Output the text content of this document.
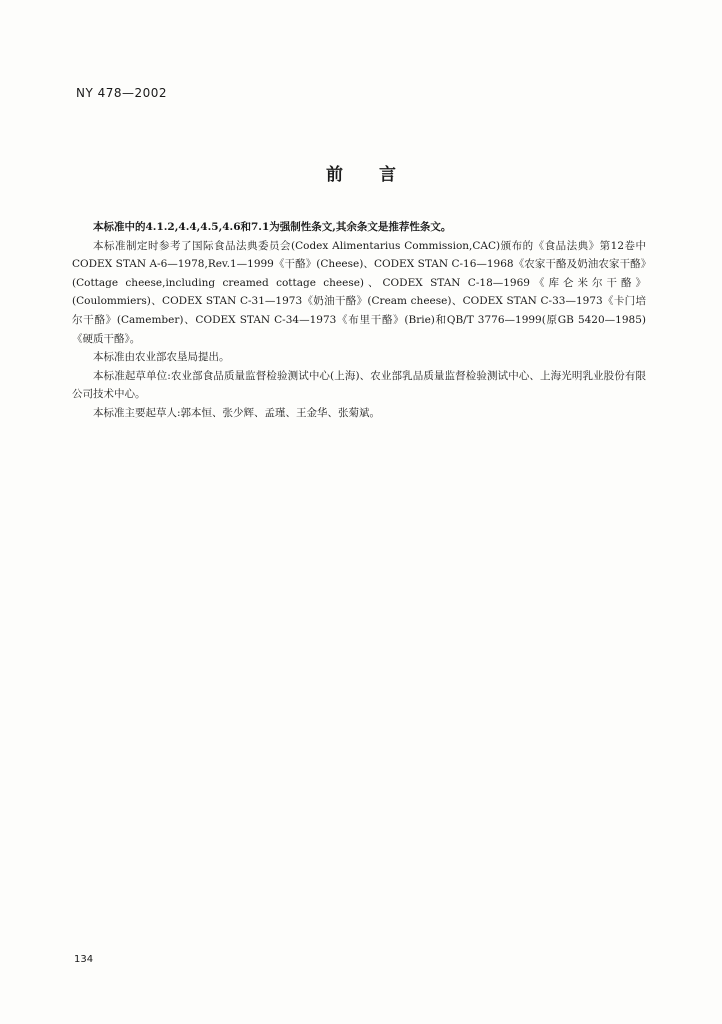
NY 478—2002
前言

本标准中的4.1.2,4.4,4.5,4.6和7.1为强制性条文,其余条文是推荐性条文。

本标准制定时参考了国际食品法典委员会(Codex Alimentarius Commission,CAC)颁布的《食品法典》第12卷中CODEX STAN A-6—1978,Rev.1—1999《干酪》(Cheese)、CODEX STAN C-16—1968《农家干酪及奶油农家干酪》(Cottage cheese,including creamed cottage cheese)、CODEX STAN C-18—1969《库仑米尔干酪》(Coulommiers)、CODEX STAN C-31—1973《奶油干酪》(Cream cheese)、CODEX STAN C-33—1973《卡门培尔干酪》(Camember)、CODEX STAN C-34—1973《布里干酪》(Brie)和QB/T 3776—1999(原GB 5420—1985)《硬质干酪》。

本标准由农业部农垦局提出。

本标准起草单位:农业部食品质量监督检验测试中心(上海)、农业部乳品质量监督检验测试中心、上海光明乳业股份有限公司技术中心。

本标准主要起草人:郭本恒、张少辉、孟瑾、王金华、张菊斌。

134
